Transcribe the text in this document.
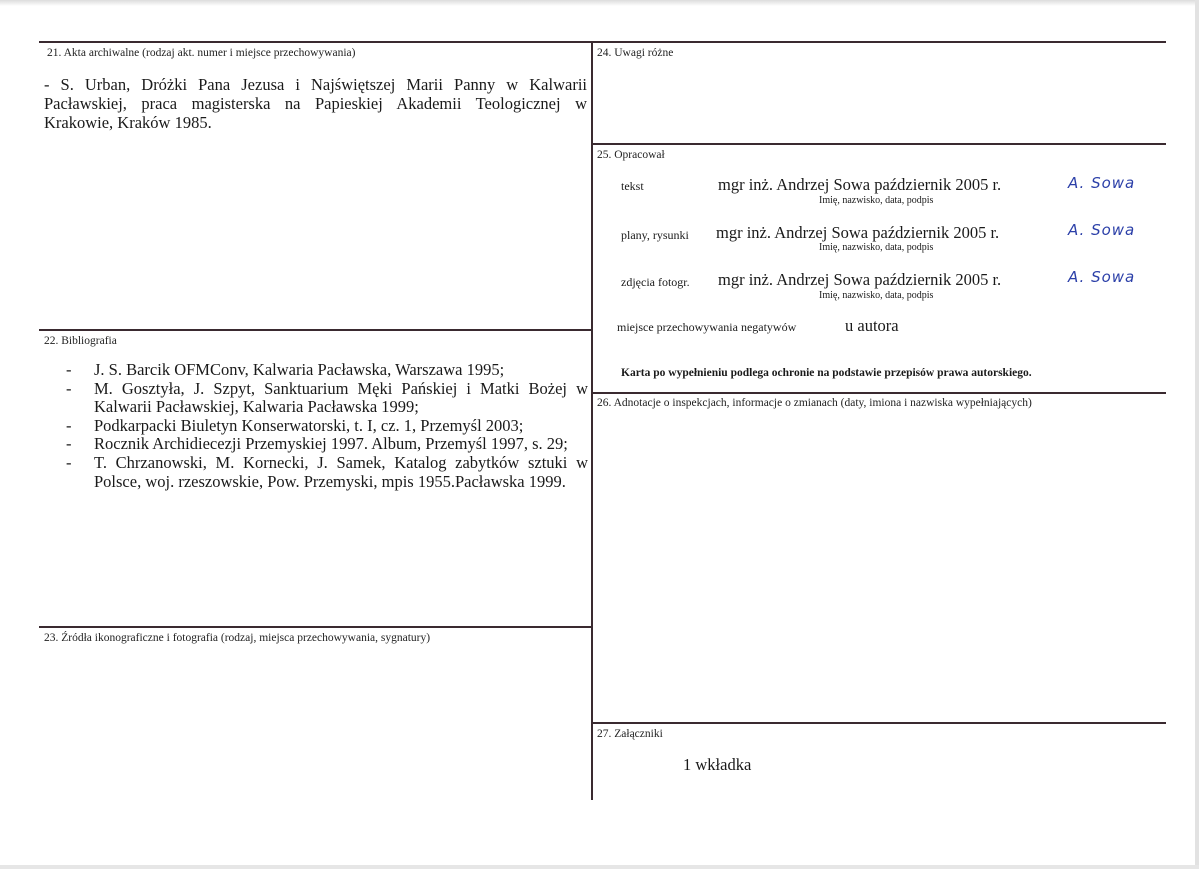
21. Akta archiwalne (rodzaj akt. numer i miejsce przechowywania)
- S. Urban, Dróżki Pana Jezusa i Najświętszej Marii Panny w Kalwarii Pacławskiej, praca magisterska na Papieskiej Akademii Teologicznej w Krakowie, Kraków 1985.
22. Bibliografia
- J. S. Barcik OFMConv, Kalwaria Pacławska, Warszawa 1995;
- M. Gosztyła, J. Szpyt, Sanktuarium Męki Pańskiej i Matki Bożej w Kalwarii Pacławskiej, Kalwaria Pacławska 1999;
- Podkarpacki Biuletyn Konserwatorski, t. I, cz. 1, Przemyśl 2003;
- Rocznik Archidiecezji Przemyskiej 1997. Album, Przemyśl 1997, s. 29;
- T. Chrzanowski, M. Kornecki, J. Samek, Katalog zabytków sztuki w Polsce, woj. rzeszowskie, Pow. Przemyski, mpis 1955.Pacławska 1999.
23. Źródła ikonograficzne i fotografia (rodzaj, miejsca przechowywania, sygnatury)
24. Uwagi różne
25. Opracował
tekst	mgr inż. Andrzej Sowa październik 2005 r.
Imię, nazwisko, data, podpis
A. Sowa
plany, rysunki mgr inż. Andrzej Sowa październik 2005 r.
Imię, nazwisko, data, podpis
A. Sowa
zdjęcia fotogr. mgr inż. Andrzej Sowa październik 2005 r.
Imię, nazwisko, data, podpis
A. Sowa
miejsce przechowywania negatywów	u autora
Karta po wypełnieniu podlega ochronie na podstawie przepisów prawa autorskiego.
26. Adnotacje o inspekcjach, informacje o zmianach (daty, imiona i nazwiska wypełniających)
27. Załączniki
1 wkładka
